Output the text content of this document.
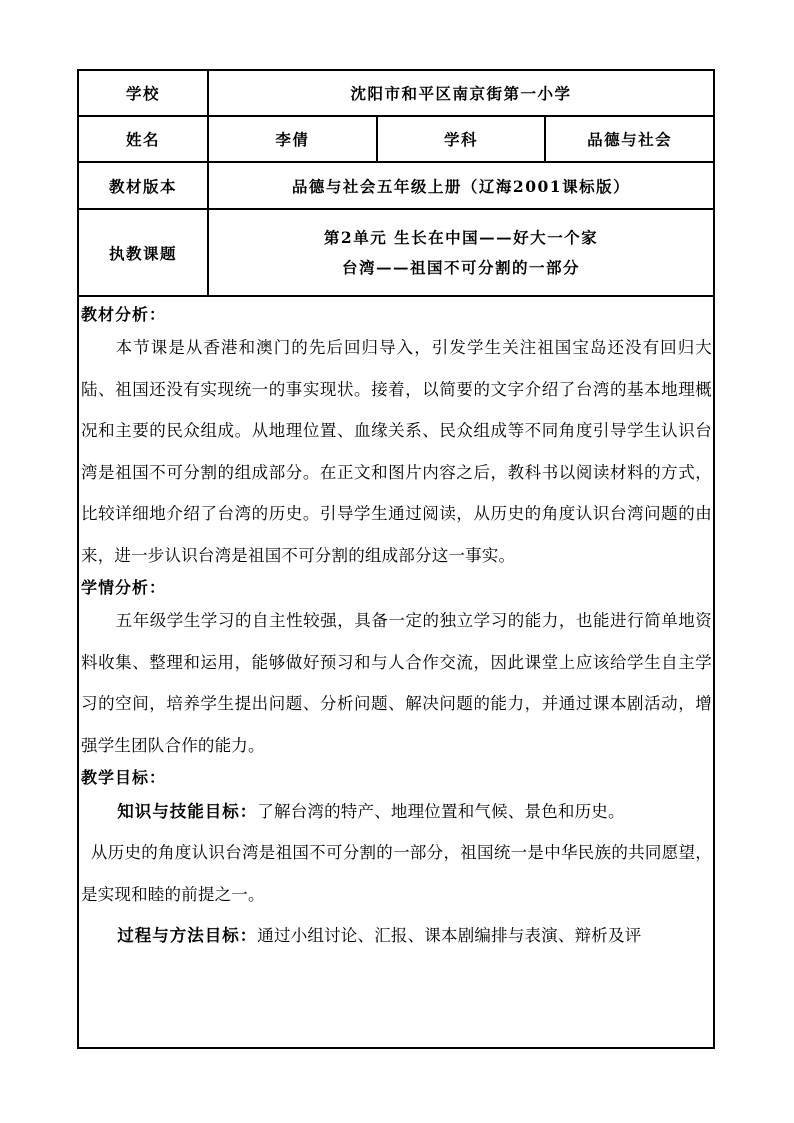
学校	沈阳市和平区南京街第一小学		
姓名	李倩	学科	品德与社会
教材版本	品德与社会五年级上册（辽海2001课标版）		
执教课题	第2单元 生长在中国——好大一个家
台湾——祖国不可分割的一部分		
教材分析：
本节课是从香港和澳门的先后回归导入，引发学生关注祖国宝岛还没有回归大陆、祖国还没有实现统一的事实现状。接着，以简要的文字介绍了台湾的基本地理概况和主要的民众组成。从地理位置、血缘关系、民众组成等不同角度引导学生认识台湾是祖国不可分割的组成部分。在正文和图片内容之后，教科书以阅读材料的方式，比较详细地介绍了台湾的历史。引导学生通过阅读，从历史的角度认识台湾问题的由来，进一步认识台湾是祖国不可分割的组成部分这一事实。
学情分析：
五年级学生学习的自主性较强，具备一定的独立学习的能力，也能进行简单地资料收集、整理和运用，能够做好预习和与人合作交流，因此课堂上应该给学生自主学习的空间，培养学生提出问题、分析问题、解决问题的能力，并通过课本剧活动，增强学生团队合作的能力。
教学目标：
知识与技能目标：了解台湾的特产、地理位置和气候、景色和历史。
从历史的角度认识台湾是祖国不可分割的一部分，祖国统一是中华民族的共同愿望，是实现和睦的前提之一。
过程与方法目标：通过小组讨论、汇报、课本剧编排与表演、辩析及评
